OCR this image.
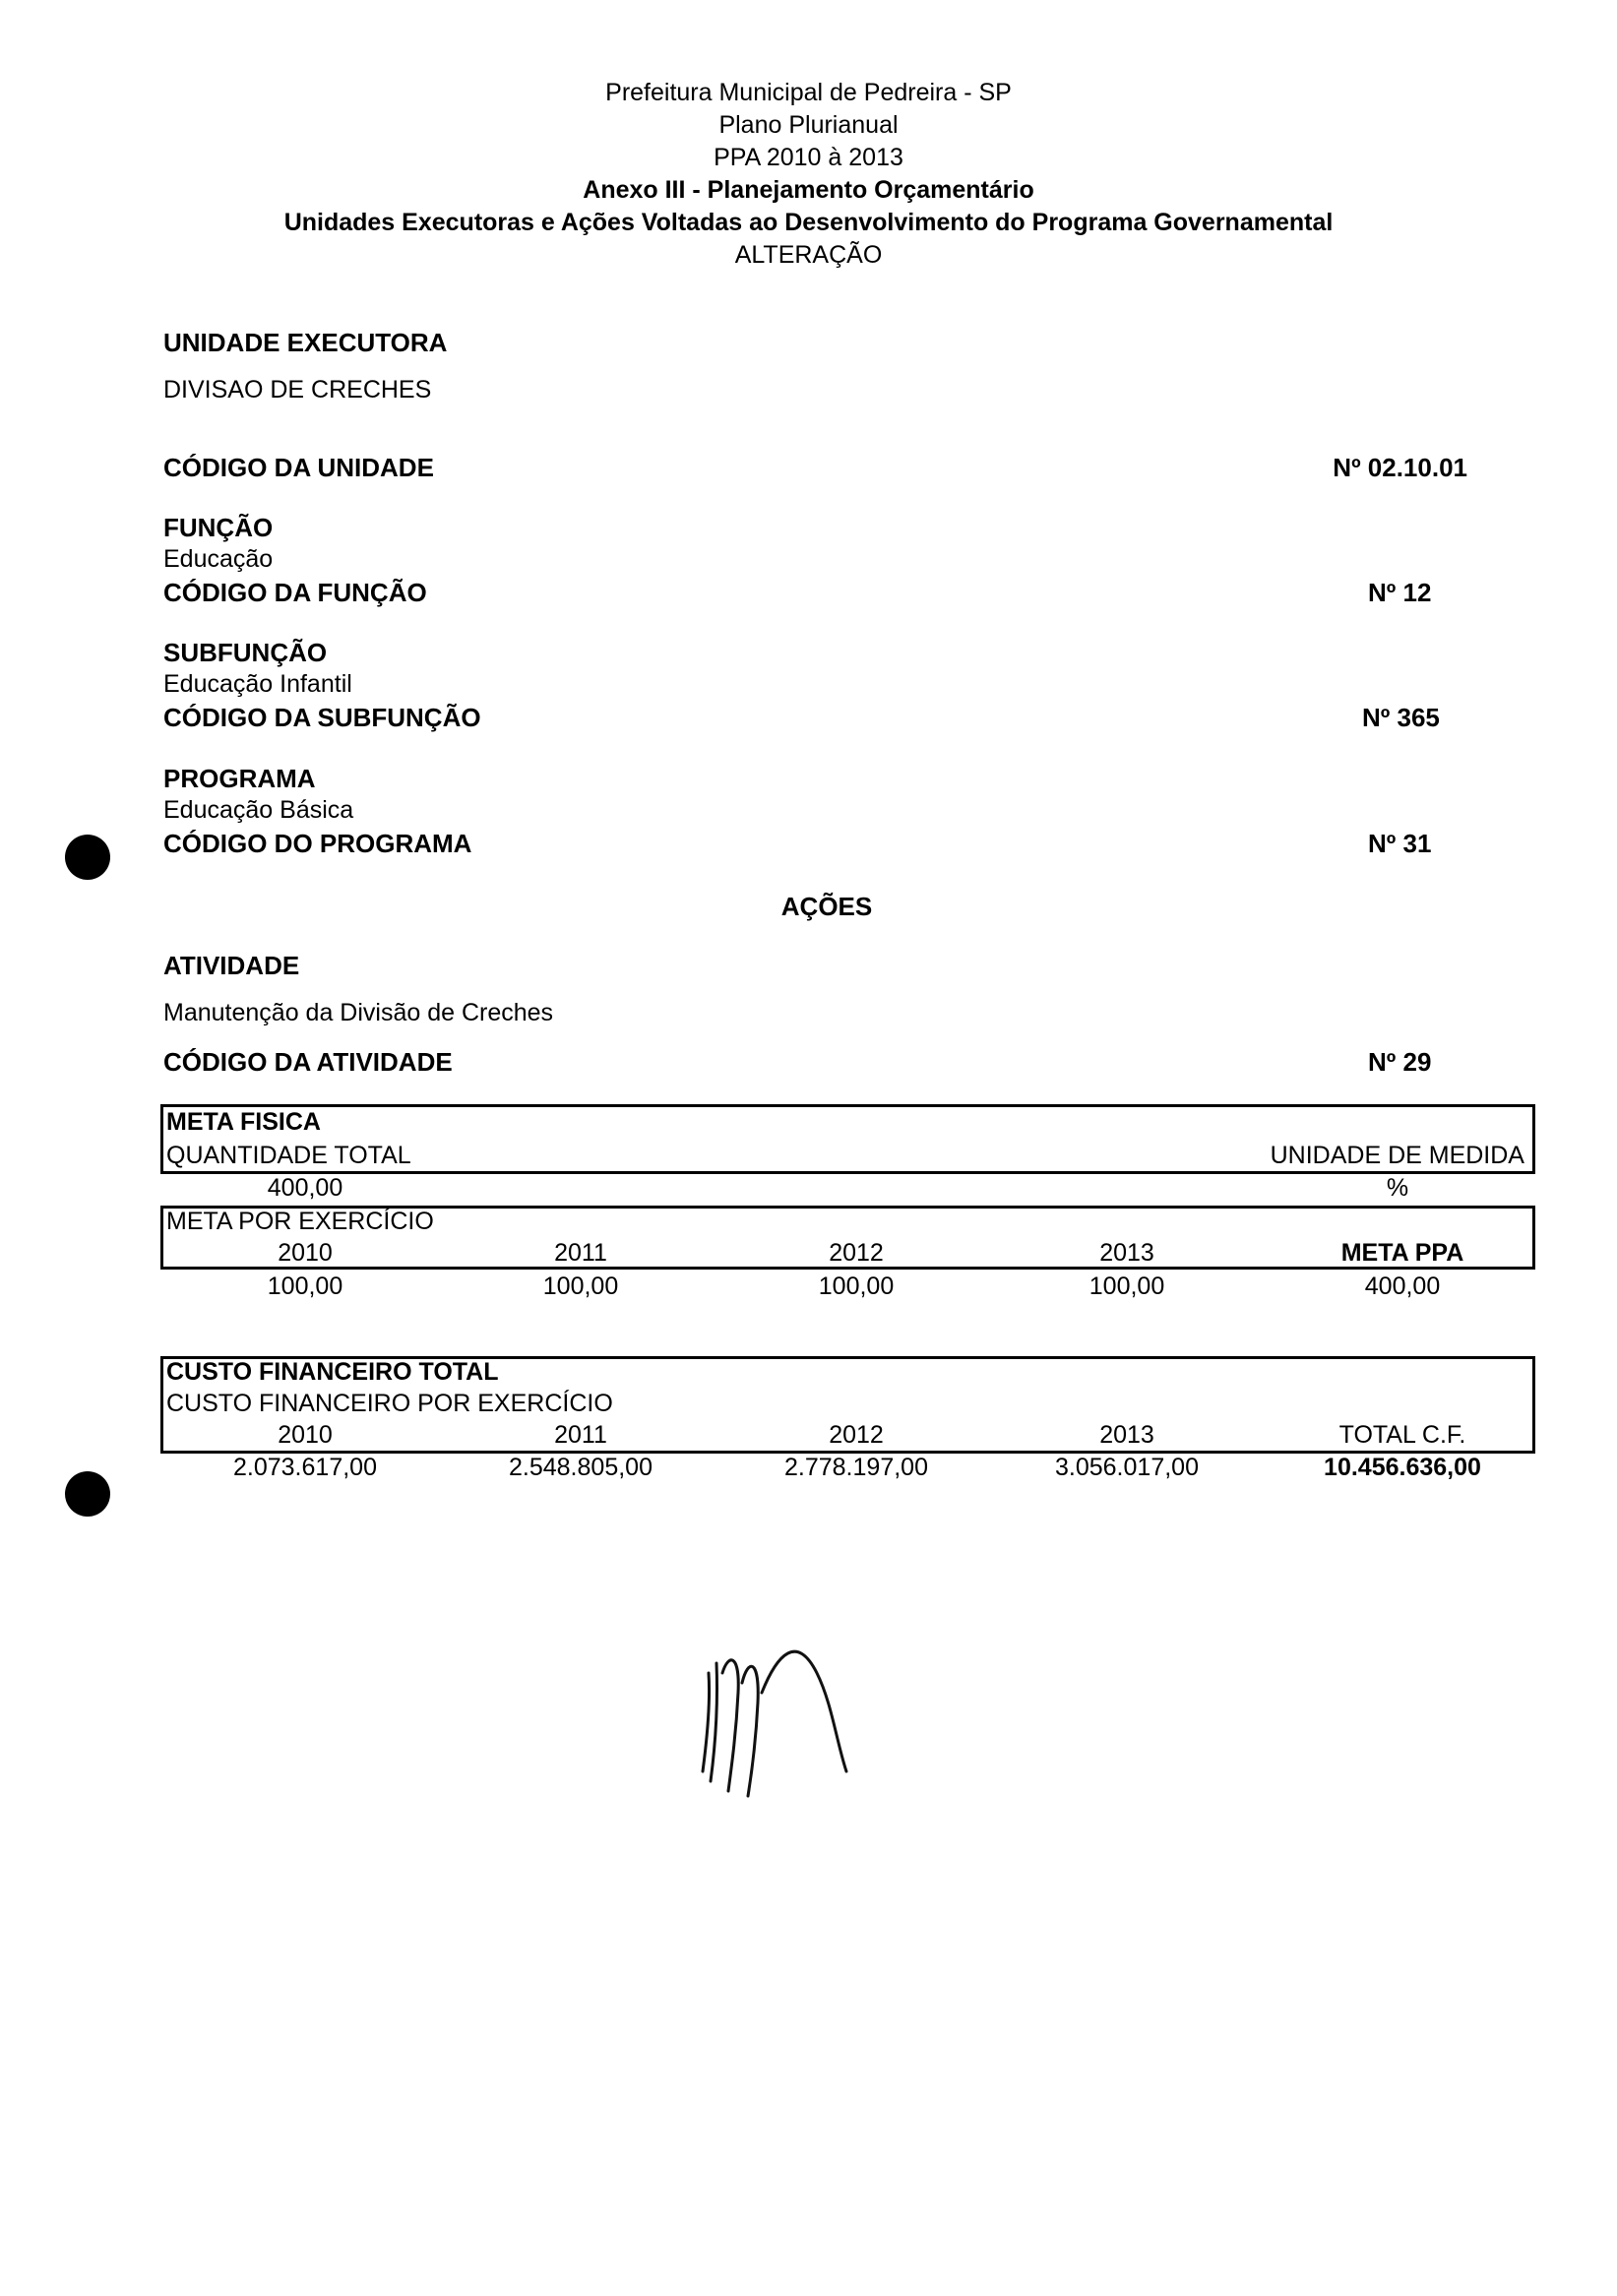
Prefeitura Municipal de Pedreira - SP
Plano Plurianual
PPA 2010 à 2013
Anexo III - Planejamento Orçamentário
Unidades Executoras e Ações Voltadas ao Desenvolvimento do Programa Governamental
ALTERAÇÃO
UNIDADE EXECUTORA
DIVISAO DE CRECHES
CÓDIGO DA UNIDADE	Nº 02.10.01
FUNÇÃO
Educação
CÓDIGO DA FUNÇÃO	Nº 12
SUBFUNÇÃO
Educação Infantil
CÓDIGO DA SUBFUNÇÃO	Nº 365
PROGRAMA
Educação Básica
CÓDIGO DO PROGRAMA	Nº 31
AÇÕES
ATIVIDADE
Manutenção da Divisão de Creches
CÓDIGO DA ATIVIDADE	Nº 29
META FISICA
QUANTIDADE TOTAL	UNIDADE DE MEDIDA
400,00	%
META POR EXERCÍCIO
2010	2011	2012	2013	META PPA
100,00	100,00	100,00	100,00	400,00
CUSTO FINANCEIRO TOTAL
CUSTO FINANCEIRO POR EXERCÍCIO
2010	2011	2012	2013	TOTAL C.F.
2.073.617,00	2.548.805,00	2.778.197,00	3.056.017,00	10.456.636,00
